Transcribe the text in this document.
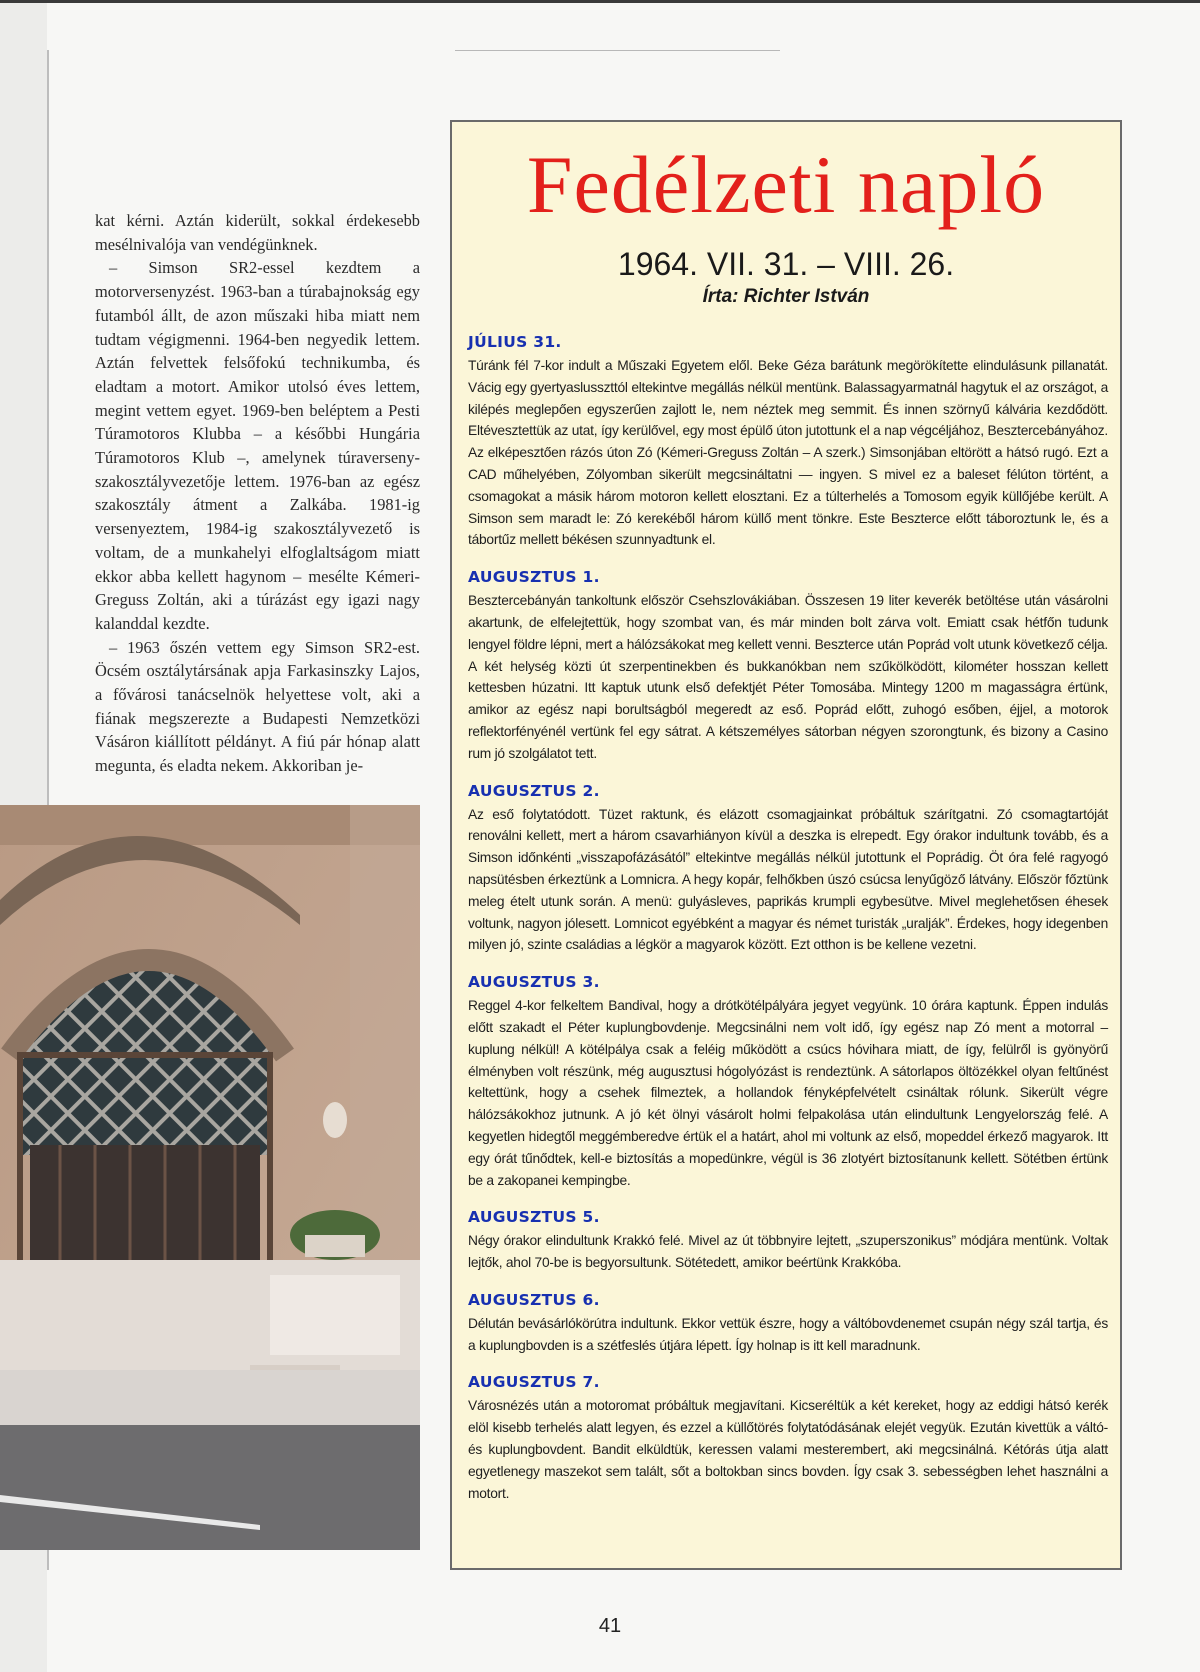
kat kérni. Aztán kiderült, sokkal érdekesebb mesélnivalója van vendégünknek.

– Simson SR2-essel kezdtem a motorversenyzést. 1963-ban a túrabajnokság egy futamból állt, de azon műszaki hiba miatt nem tudtam végigmenni. 1964-ben negyedik lettem. Aztán felvettek felsőfokú technikumba, és eladtam a motort. Amikor utolsó éves lettem, megint vettem egyet. 1969-ben beléptem a Pesti Túramotoros Klubba – a későbbi Hungária Túramotoros Klub –, amelynek túraverseny-szakosztályvezetője lettem. 1976-ban az egész szakosztály átment a Zalkába. 1981-ig versenyeztem, 1984-ig szakosztályvezető is voltam, de a munkahelyi elfoglaltságom miatt ekkor abba kellett hagynom – mesélte Kémeri-Greguss Zoltán, aki a túrázást egy igazi nagy kalanddal kezdte.

– 1963 őszén vettem egy Simson SR2-est. Öcsém osztálytársának apja Farkasinszky Lajos, a fővárosi tanácselnök helyettese volt, aki a fiának megszerezte a Budapesti Nemzetközi Vásáron kiállított példányt. A fiú pár hónap alatt megunta, és eladta nekem. Akkoriban je-

Fedélzeti napló
1964. VII. 31. – VIII. 26.
Írta: Richter István
JÚLIUS 31.

Túránk fél 7-kor indult a Műszaki Egyetem elől. Beke Géza barátunk megörökítette elindulásunk pillanatát. Vácig egy gyertyaslusszttól eltekintve megállás nélkül mentünk. Balassagyarmatnál hagytuk el az országot, a kilépés meglepően egyszerűen zajlott le, nem néztek meg semmit. És innen szörnyű kálvária kezdődött. Eltévesztettük az utat, így kerülővel, egy most épülő úton jutottunk el a nap végcéljához, Besztercebányához. Az elképesztően rázós úton Zó (Kémeri-Greguss Zoltán – A szerk.) Simsonjában eltörött a hátsó rugó. Ezt a CAD műhelyében, Zólyomban sikerült megcsináltatni — ingyen. S mivel ez a baleset félúton történt, a csomagokat a másik három motoron kellett elosztani. Ez a túlterhelés a Tomosom egyik küllőjébe került. A Simson sem maradt le: Zó kerekéből három küllő ment tönkre. Este Beszterce előtt táboroztunk le, és a tábortűz mellett békésen szunnyadtunk el.

AUGUSZTUS 1.

Besztercebányán tankoltunk először Csehszlovákiában. Összesen 19 liter keverék betöltése után vásárolni akartunk, de elfelejtettük, hogy szombat van, és már minden bolt zárva volt. Emiatt csak hétfőn tudunk lengyel földre lépni, mert a hálózsákokat meg kellett venni. Beszterce után Poprád volt utunk következő célja. A két helység közti út szerpentinekben és bukkanókban nem szűkölködött, kilométer hosszan kellett kettesben húzatni. Itt kaptuk utunk első defektjét Péter Tomosába. Mintegy 1200 m magasságra értünk, amikor az egész napi borultságból megeredt az eső. Poprád előtt, zuhogó esőben, éjjel, a motorok reflektorfényénél vertünk fel egy sátrat. A kétszemélyes sátorban négyen szorongtunk, és bizony a Casino rum jó szolgálatot tett.

AUGUSZTUS 2.

Az eső folytatódott. Tüzet raktunk, és elázott csomagjainkat próbáltuk szárítgatni. Zó csomagtartóját renoválni kellett, mert a három csavarhiányon kívül a deszka is elrepedt. Egy órakor indultunk tovább, és a Simson időnkénti „visszapofázásától” eltekintve megállás nélkül jutottunk el Poprádig. Öt óra felé ragyogó napsütésben érkeztünk a Lomnicra. A hegy kopár, felhőkben úszó csúcsa lenyűgöző látvány. Először főztünk meleg ételt utunk során. A menü: gulyásleves, paprikás krumpli egybesütve. Mivel meglehetősen éhesek voltunk, nagyon jólesett. Lomnicot egyébként a magyar és német turisták „uralják”. Érdekes, hogy idegenben milyen jó, szinte családias a légkör a magyarok között. Ezt otthon is be kellene vezetni.

AUGUSZTUS 3.

Reggel 4-kor felkeltem Bandival, hogy a drótkötélpályára jegyet vegyünk. 10 órára kaptunk. Éppen indulás előtt szakadt el Péter kuplungbovdenje. Megcsinálni nem volt idő, így egész nap Zó ment a motorral – kuplung nélkül! A kötélpálya csak a feléig működött a csúcs hóvihara miatt, de így, felülről is gyönyörű élményben volt részünk, még augusztusi hógolyózást is rendeztünk. A sátorlapos öltözékkel olyan feltűnést keltettünk, hogy a csehek filmeztek, a hollandok fényképfelvételt csináltak rólunk. Sikerült végre hálózsákokhoz jutnunk. A jó két ölnyi vásárolt holmi felpakolása után elindultunk Lengyelország felé. A kegyetlen hidegtől meggémberedve értük el a határt, ahol mi voltunk az első, mopeddel érkező magyarok. Itt egy órát tűnődtek, kell-e biztosítás a mopedünkre, végül is 36 zlotyért biztosítanunk kellett. Sötétben értünk be a zakopanei kempingbe.

AUGUSZTUS 5.

Négy órakor elindultunk Krakkó felé. Mivel az út többnyire lejtett, „szuperszonikus” módjára mentünk. Voltak lejtők, ahol 70-be is begyorsultunk. Sötétedett, amikor beértünk Krakkóba.

AUGUSZTUS 6.

Délután bevásárlókörútra indultunk. Ekkor vettük észre, hogy a váltóbovdenemet csupán négy szál tartja, és a kuplungbovden is a szétfeslés útjára lépett. Így holnap is itt kell maradnunk.

AUGUSZTUS 7.

Városnézés után a motoromat próbáltuk megjavítani. Kicseréltük a két kereket, hogy az eddigi hátsó kerék elöl kisebb terhelés alatt legyen, és ezzel a küllőtörés folytatódásának elejét vegyük. Ezután kivettük a váltó- és kuplungbovdent. Bandit elküldtük, keressen valami mesterembert, aki megcsinálná. Kétórás útja alatt egyetlenegy maszekot sem talált, sőt a boltokban sincs bovden. Így csak 3. sebességben lehet használni a motort.

41
